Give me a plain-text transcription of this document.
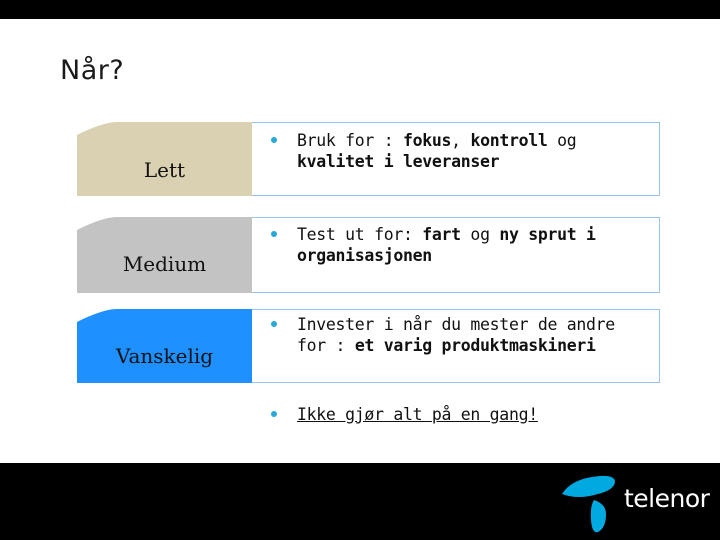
Når?
Lett
Bruk for : fokus, kontroll og
kvalitet i leveranser
Medium
Test ut for: fart og ny sprut i
organisasjonen
Vanskelig
Invester i når du mester de andre
for : et varig produktmaskineri
Ikke gjør alt på en gang!
telenor
